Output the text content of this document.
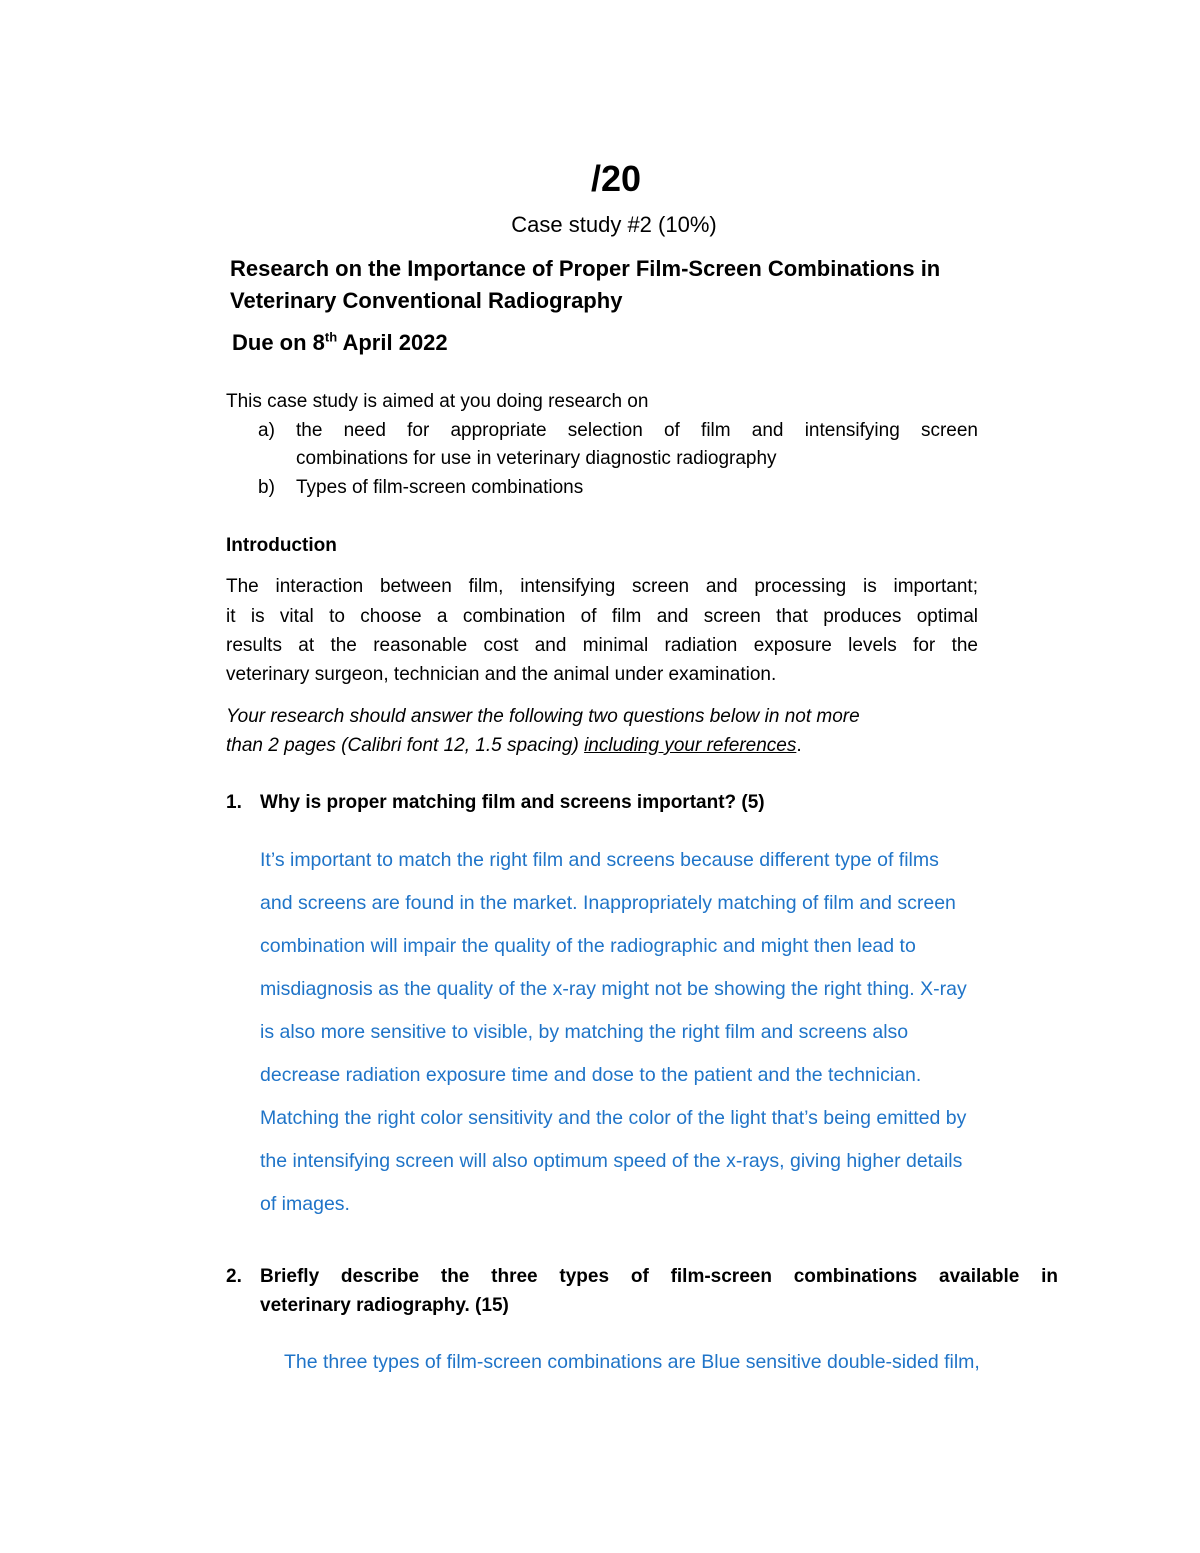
/20
Case study #2 (10%)
Research on the Importance of Proper Film-Screen Combinations in
Veterinary Conventional Radiography
Due on 8th April 2022
This case study is aimed at you doing research on
a) the need for appropriate selection of film and intensifying screen
combinations for use in veterinary diagnostic radiography
b) Types of film-screen combinations
Introduction
The interaction between film, intensifying screen and processing is important;
it is vital to choose a combination of film and screen that produces optimal
results at the reasonable cost and minimal radiation exposure levels for the
veterinary surgeon, technician and the animal under examination.
Your research should answer the following two questions below in not more
than 2 pages (Calibri font 12, 1.5 spacing) including your references.
1. Why is proper matching film and screens important? (5)
It’s important to match the right film and screens because different type of films
and screens are found in the market. Inappropriately matching of film and screen
combination will impair the quality of the radiographic and might then lead to
misdiagnosis as the quality of the x-ray might not be showing the right thing. X-ray
is also more sensitive to visible, by matching the right film and screens also
decrease radiation exposure time and dose to the patient and the technician.
Matching the right color sensitivity and the color of the light that’s being emitted by
the intensifying screen will also optimum speed of the x-rays, giving higher details
of images.
2. Briefly describe the three types of film-screen combinations available in
veterinary radiography. (15)
The three types of film-screen combinations are Blue sensitive double-sided film,
